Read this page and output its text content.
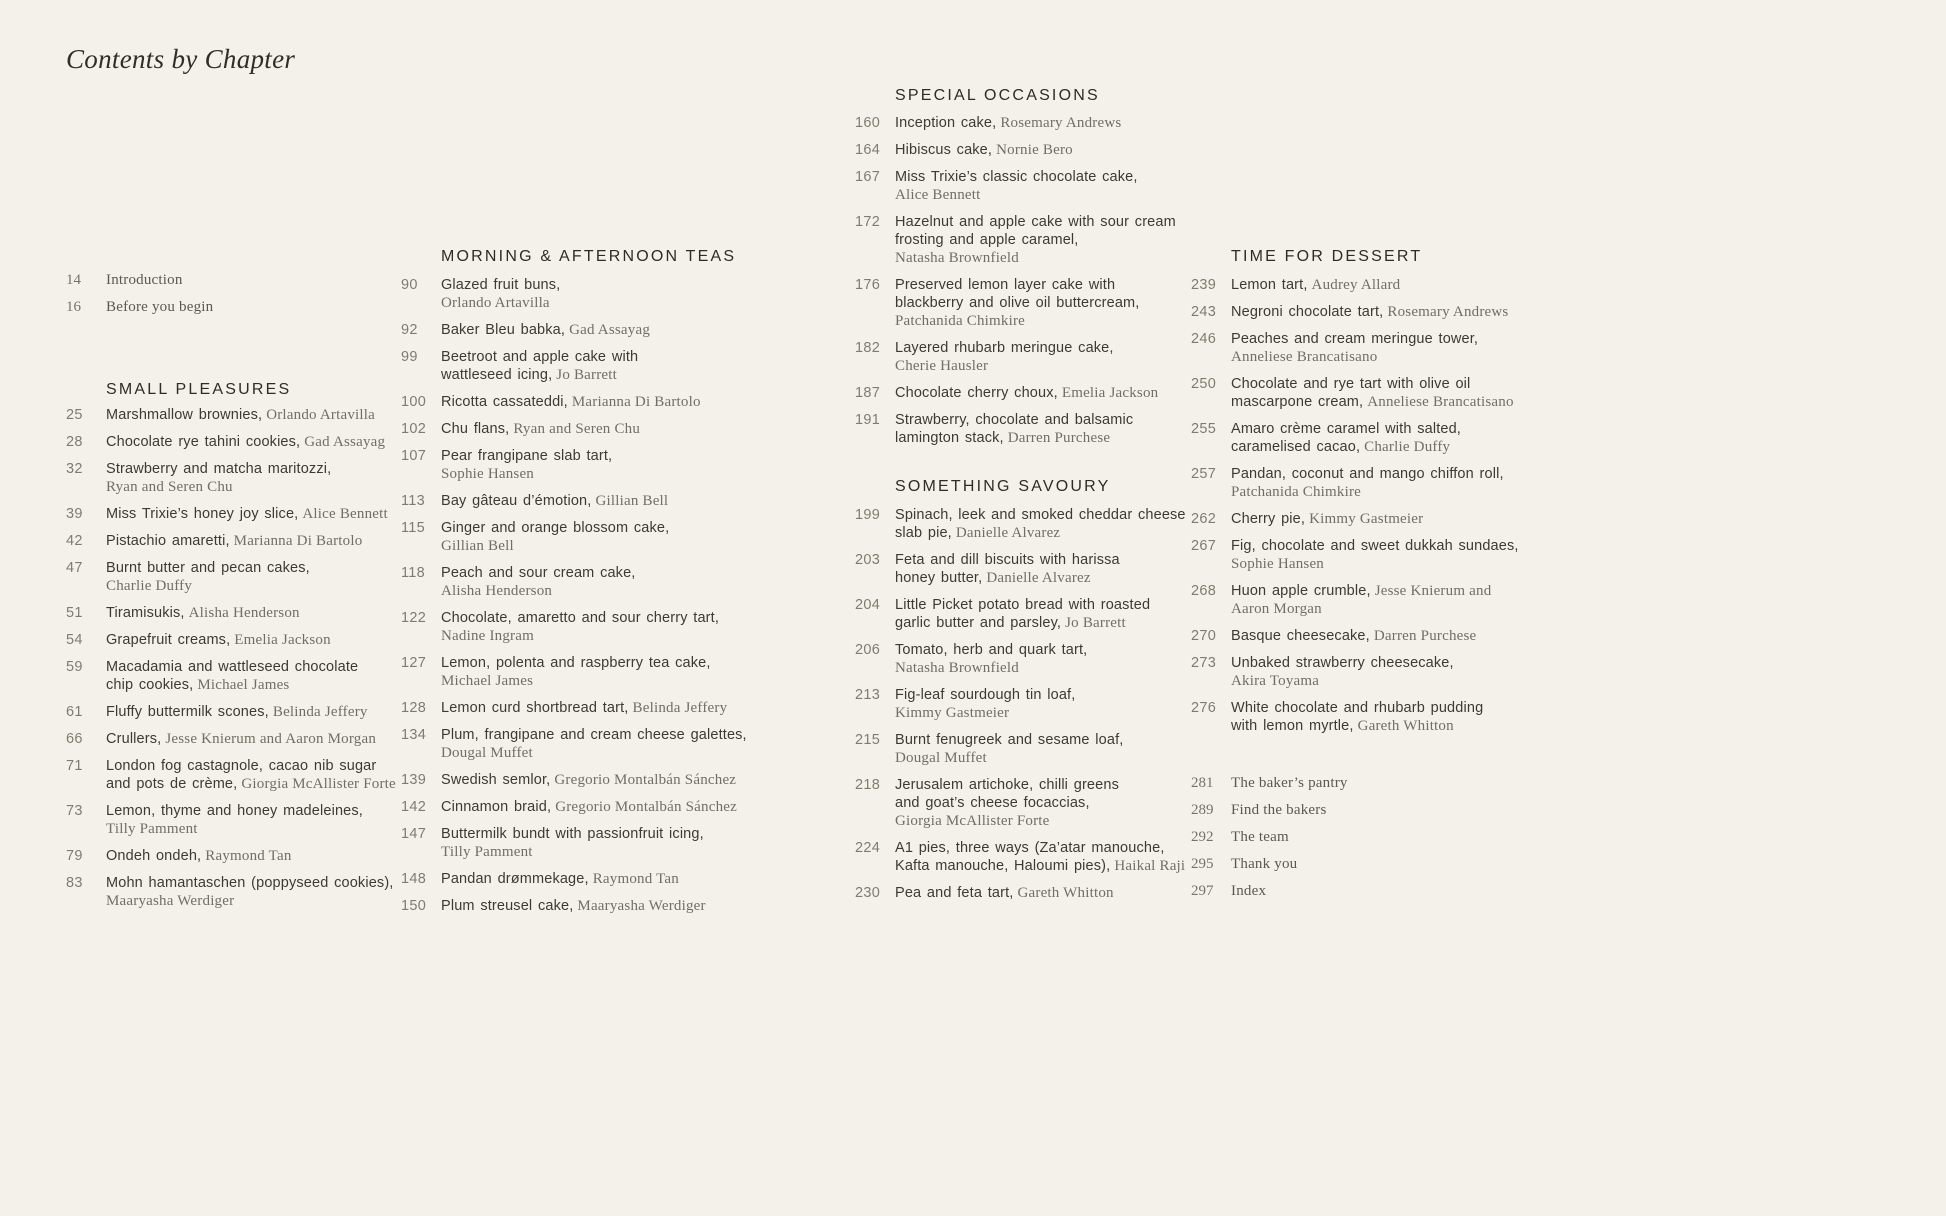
Contents by Chapter
14	Introduction
16	Before you begin
SMALL PLEASURES
25	Marshmallow brownies, Orlando Artavilla
28	Chocolate rye tahini cookies, Gad Assayag
32	Strawberry and matcha maritozzi,
Ryan and Seren Chu
39	Miss Trixie’s honey joy slice, Alice Bennett
42	Pistachio amaretti, Marianna Di Bartolo
47	Burnt butter and pecan cakes,
Charlie Duffy
51	Tiramisukis, Alisha Henderson
54	Grapefruit creams, Emelia Jackson
59	Macadamia and wattleseed chocolate
chip cookies, Michael James
61	Fluffy buttermilk scones, Belinda Jeffery
66	Crullers, Jesse Knierum and Aaron Morgan
71	London fog castagnole, cacao nib sugar
and pots de crème, Giorgia McAllister Forte
73	Lemon, thyme and honey madeleines,
Tilly Pamment
79	Ondeh ondeh, Raymond Tan
83	Mohn hamantaschen (poppyseed cookies),
Maaryasha Werdiger
MORNING & AFTERNOON TEAS
90	Glazed fruit buns,
Orlando Artavilla
92	Baker Bleu babka, Gad Assayag
99	Beetroot and apple cake with
wattleseed icing, Jo Barrett
100	Ricotta cassateddi, Marianna Di Bartolo
102	Chu flans, Ryan and Seren Chu
107	Pear frangipane slab tart,
Sophie Hansen
113	Bay gâteau d’émotion, Gillian Bell
115	Ginger and orange blossom cake,
Gillian Bell
118	Peach and sour cream cake,
Alisha Henderson
122	Chocolate, amaretto and sour cherry tart,
Nadine Ingram
127	Lemon, polenta and raspberry tea cake,
Michael James
128	Lemon curd shortbread tart, Belinda Jeffery
134	Plum, frangipane and cream cheese galettes,
Dougal Muffet
139	Swedish semlor, Gregorio Montalbán Sánchez
142	Cinnamon braid, Gregorio Montalbán Sánchez
147	Buttermilk bundt with passionfruit icing,
Tilly Pamment
148	Pandan drømmekage, Raymond Tan
150	Plum streusel cake, Maaryasha Werdiger
SPECIAL OCCASIONS
160	Inception cake, Rosemary Andrews
164	Hibiscus cake, Nornie Bero
167	Miss Trixie’s classic chocolate cake,
Alice Bennett
172	Hazelnut and apple cake with sour cream
frosting and apple caramel,
Natasha Brownfield
176	Preserved lemon layer cake with
blackberry and olive oil buttercream,
Patchanida Chimkire
182	Layered rhubarb meringue cake,
Cherie Hausler
187	Chocolate cherry choux, Emelia Jackson
191	Strawberry, chocolate and balsamic
lamington stack, Darren Purchese
SOMETHING SAVOURY
199	Spinach, leek and smoked cheddar cheese
slab pie, Danielle Alvarez
203	Feta and dill biscuits with harissa
honey butter, Danielle Alvarez
204	Little Picket potato bread with roasted
garlic butter and parsley, Jo Barrett
206	Tomato, herb and quark tart,
Natasha Brownfield
213	Fig-leaf sourdough tin loaf,
Kimmy Gastmeier
215	Burnt fenugreek and sesame loaf,
Dougal Muffet
218	Jerusalem artichoke, chilli greens
and goat’s cheese focaccias,
Giorgia McAllister Forte
224	A1 pies, three ways (Za’atar manouche,
Kafta manouche, Haloumi pies), Haikal Raji
230	Pea and feta tart, Gareth Whitton
TIME FOR DESSERT
239	Lemon tart, Audrey Allard
243	Negroni chocolate tart, Rosemary Andrews
246	Peaches and cream meringue tower,
Anneliese Brancatisano
250	Chocolate and rye tart with olive oil
mascarpone cream, Anneliese Brancatisano
255	Amaro crème caramel with salted,
caramelised cacao, Charlie Duffy
257	Pandan, coconut and mango chiffon roll,
Patchanida Chimkire
262	Cherry pie, Kimmy Gastmeier
267	Fig, chocolate and sweet dukkah sundaes,
Sophie Hansen
268	Huon apple crumble, Jesse Knierum and
Aaron Morgan
270	Basque cheesecake, Darren Purchese
273	Unbaked strawberry cheesecake,
Akira Toyama
276	White chocolate and rhubarb pudding
with lemon myrtle, Gareth Whitton
281	The baker’s pantry
289	Find the bakers
292	The team
295	Thank you
297	Index
